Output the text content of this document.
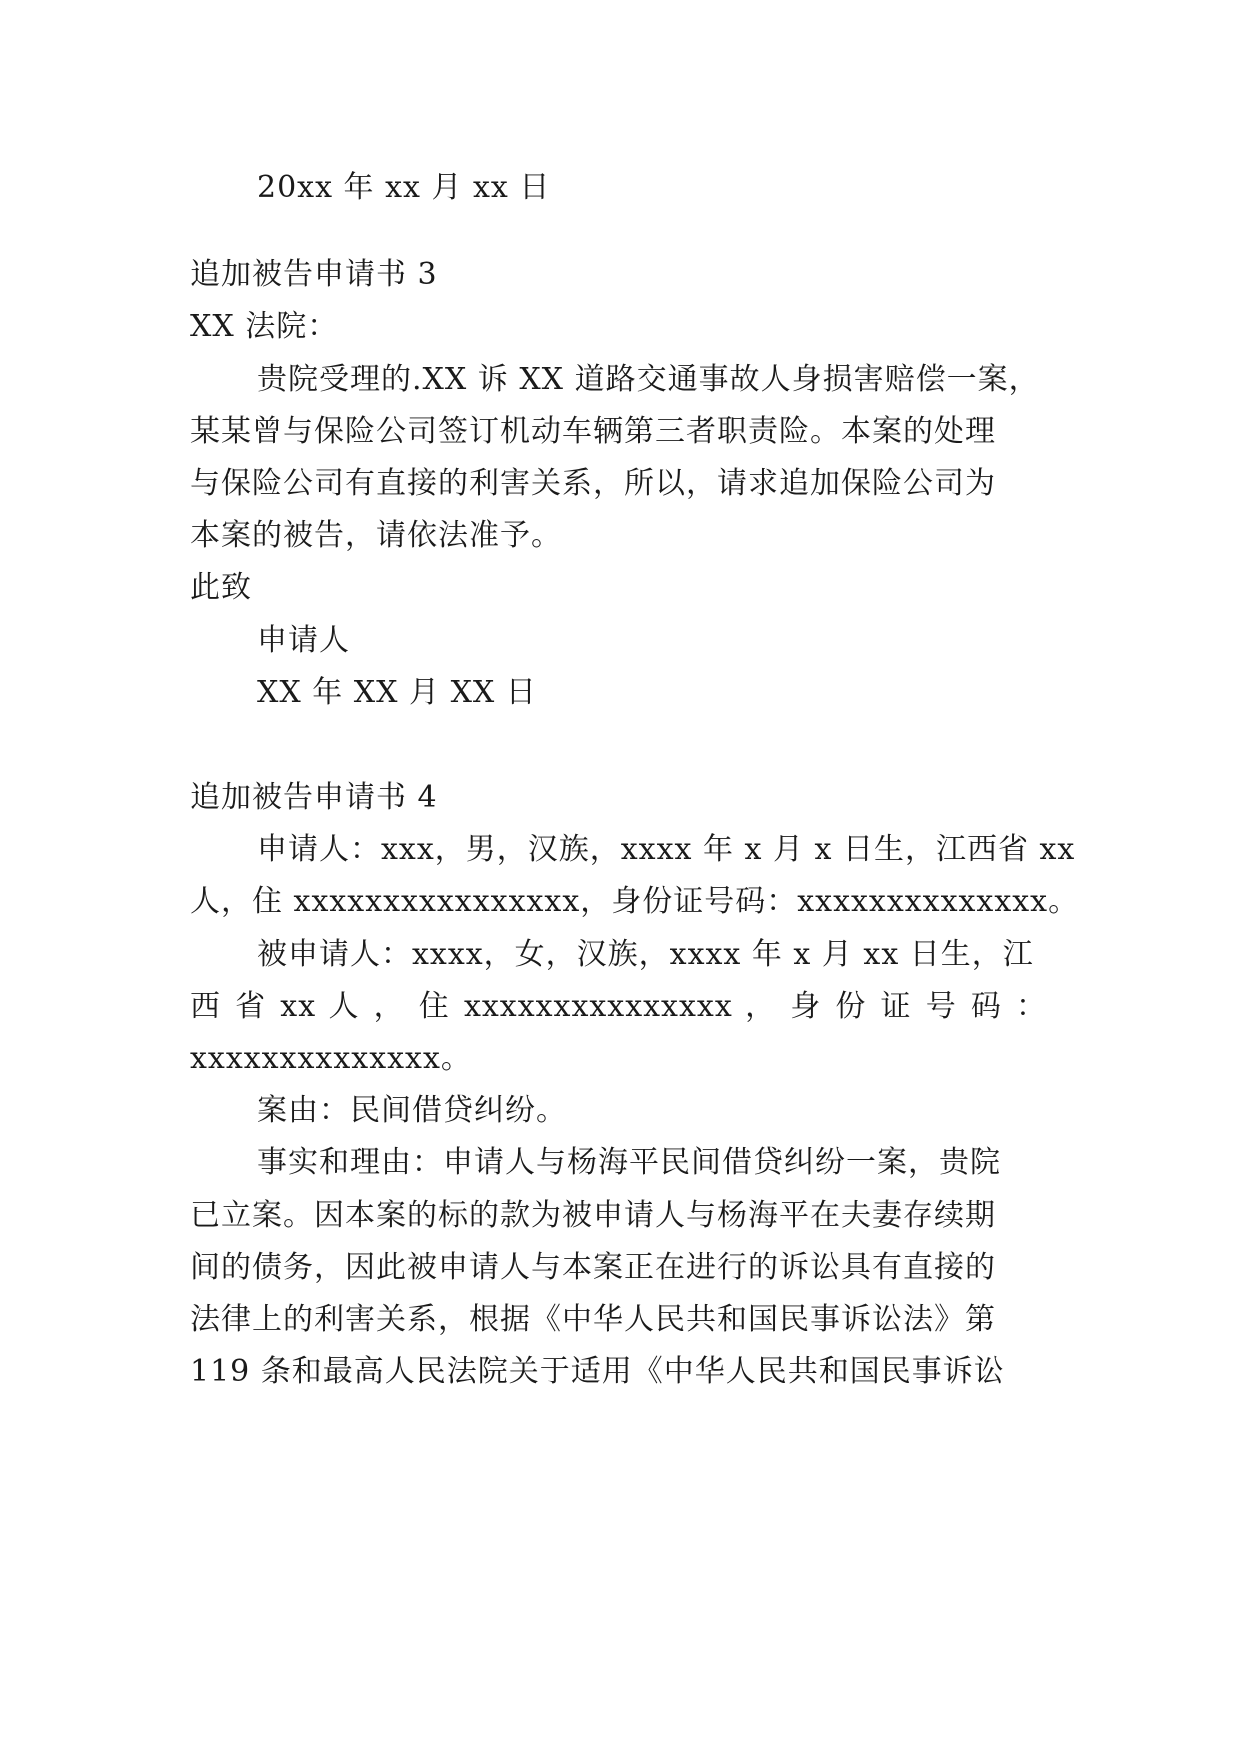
20xx 年 xx 月 xx 日
追加被告申请书 3
XX 法院：
贵院受理的.XX 诉 XX 道路交通事故人身损害赔偿一案，
某某曾与保险公司签订机动车辆第三者职责险。本案的处理
与保险公司有直接的利害关系，所以，请求追加保险公司为
本案的被告，请依法准予。
此致
申请人
XX 年 XX 月 XX 日
追加被告申请书 4
申请人：xxx，男，汉族，xxxx 年 x 月 x 日生，江西省 xx
人，住 xxxxxxxxxxxxxxxx，身份证号码：xxxxxxxxxxxxxx。
被申请人：xxxx，女，汉族，xxxx 年 x 月 xx 日生，江
西 省 xx 人 ， 住 xxxxxxxxxxxxxxx ， 身 份 证 号 码 ：
xxxxxxxxxxxxxx。
案由：民间借贷纠纷。
事实和理由：申请人与杨海平民间借贷纠纷一案，贵院
已立案。因本案的标的款为被申请人与杨海平在夫妻存续期
间的债务，因此被申请人与本案正在进行的诉讼具有直接的
法律上的利害关系，根据《中华人民共和国民事诉讼法》第
119 条和最高人民法院关于适用《中华人民共和国民事诉讼
